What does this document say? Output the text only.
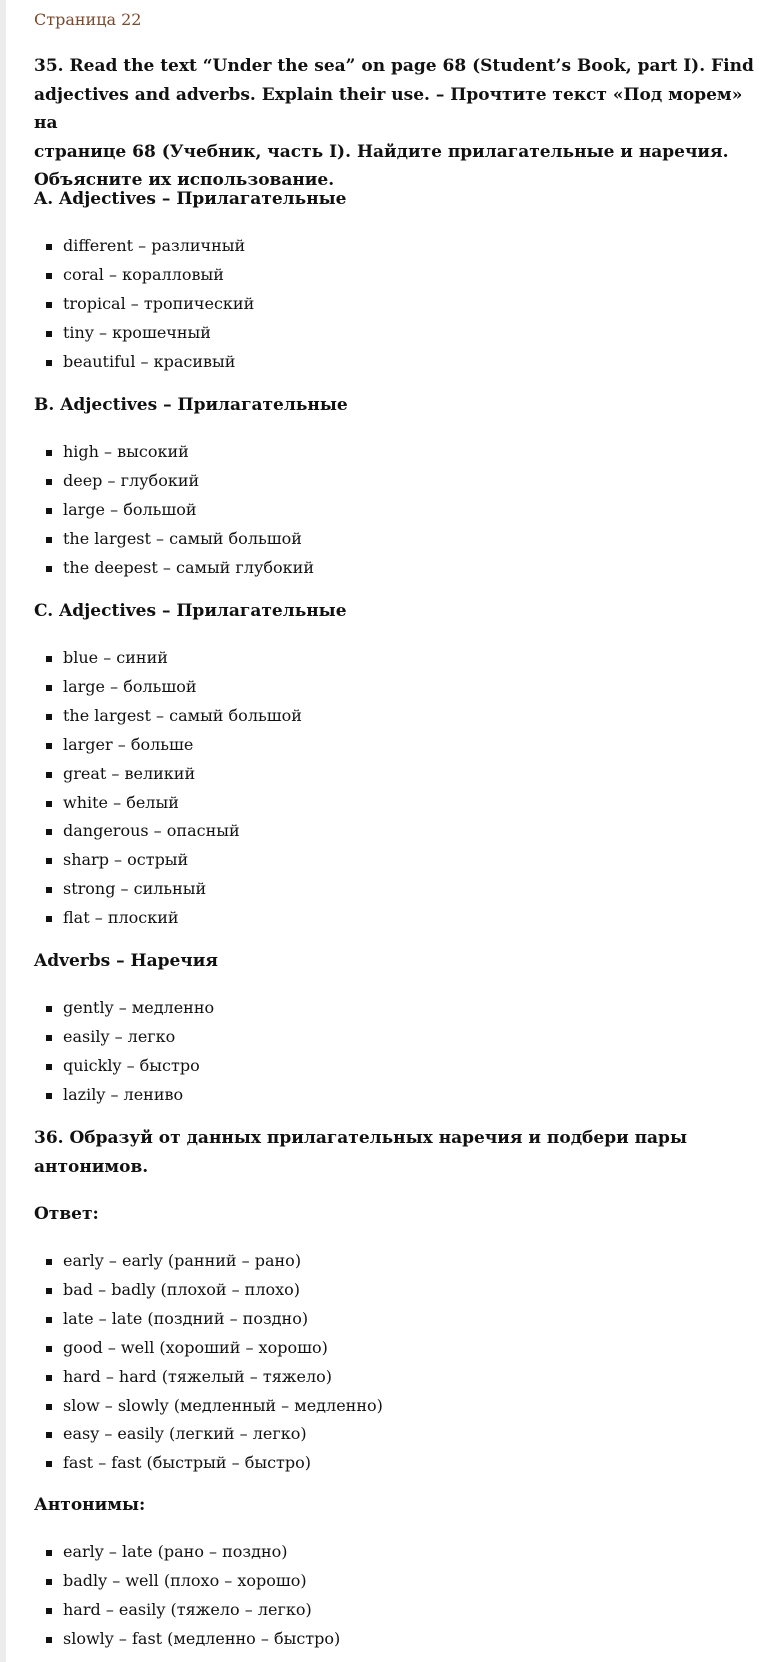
Страница 22

35. Read the text “Under the sea” on page 68 (Student’s Book, part I). Find
adjectives and adverbs. Explain their use. – Прочтите текст «Под морем» на
странице 68 (Учебник, часть I). Найдите прилагательные и наречия.
Объясните их использование.

A. Adjectives – Прилагательные

different – различный
coral – коралловый
tropical – тропический
tiny – крошечный
beautiful – красивый

B. Adjectives – Прилагательные

high – высокий
deep – глубокий
large – большой
the largest – самый большой
the deepest – самый глубокий

C. Adjectives – Прилагательные

blue – синий
large – большой
the largest – самый большой
larger – больше
great – великий
white – белый
dangerous – опасный
sharp – острый
strong – сильный
flat – плоский

Adverbs – Наречия

gently – медленно
easily – легко
quickly – быстро
lazily – лениво
36. Образуй от данных прилагательных наречия и подбери пары
антонимов.

Ответ:

early – early (ранний – рано)
bad – badly (плохой – плохо)
late – late (поздний – поздно)
good – well (хороший – хорошо)
hard – hard (тяжелый – тяжело)
slow – slowly (медленный – медленно)
easy – easily (легкий – легко)
fast – fast (быстрый – быстро)

Антонимы:

early – late (рано – поздно)
badly – well (плохо – хорошо)
hard – easily (тяжело – легко)
slowly – fast (медленно – быстро)
